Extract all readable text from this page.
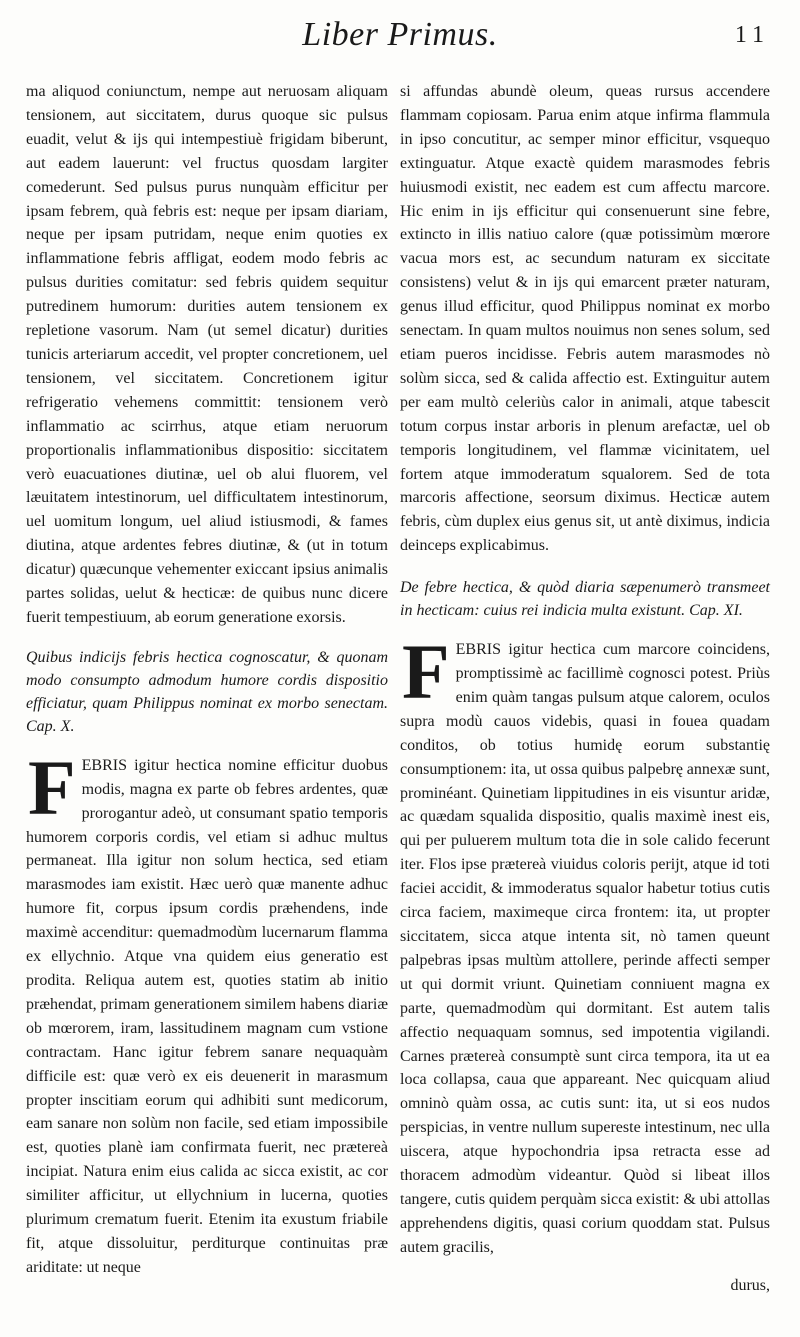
Liber Primus.	11

ma aliquod coniunctum, nempe aut neruosam aliquam tensionem, aut siccitatem, durus quoque sic pulsus euadit, velut & ijs qui intempestiuè frigidam biberunt, aut eadem lauerunt: vel fructus quosdam largiter comederunt. Sed pulsus purus nunquàm efficitur per ipsam febrem, quà febris est: neque per ipsam diariam, neque per ipsam putridam, neque enim quoties ex inflammatione febris affligat, eodem modo febris ac pulsus durities comitatur: sed febris quidem sequitur putredinem humorum: durities autem tensionem ex repletione vasorum. Nam (ut semel dicatur) durities tunicis arteriarum accedit, vel propter concretionem, uel tensionem, vel siccitatem. Concretionem igitur refrigeratio vehemens committit: tensionem verò inflammatio ac scirrhus, atque etiam neruorum proportionalis inflammationibus dispositio: siccitatem verò euacuationes diutinæ, uel ob alui fluorem, vel læuitatem intestinorum, uel difficultatem intestinorum, uel uomitum longum, uel aliud istiusmodi, & fames diutina, atque ardentes febres diutinæ, & (ut in totum dicatur) quæcunque vehementer exiccant ipsius animalis partes solidas, uelut & hecticæ: de quibus nunc dicere fuerit tempestiuum, ab eorum generatione exorsis.

Quibus indicijs febris hectica cognoscatur, & quonam modo consumpto admodum humore cordis dispositio efficiatur, quam Philippus nominat ex morbo senectam. Cap. X.

FEBRIS igitur hectica nomine efficitur duobus modis, magna ex parte ob febres ardentes, quæ prorogantur adeò, ut consumant spatio temporis humorem corporis cordis, vel etiam si adhuc multus permaneat. Illa igitur non solum hectica, sed etiam marasmodes iam existit. Hæc uerò quæ manente adhuc humore fit, corpus ipsum cordis præhendens, inde maximè accenditur: quemadmodùm lucernarum flamma ex ellychnio. Atque vna quidem eius generatio est prodita. Reliqua autem est, quoties statim ab initio præhendat, primam generationem similem habens diariæ ob mœrorem, iram, lassitudinem magnam cum vstione contractam. Hanc igitur febrem sanare nequaquàm difficile est: quæ verò ex eis deuenerit in marasmum propter inscitiam eorum qui adhibiti sunt medicorum, eam sanare non solùm non facile, sed etiam impossibile est, quoties planè iam confirmata fuerit, nec prætereà incipiat. Natura enim eius calida ac sicca existit, ac cor similiter afficitur, ut ellychnium in lucerna, quoties plurimum crematum fuerit. Etenim ita exustum friabile fit, atque dissoluitur, perditurque continuitas præ ariditate: ut neque

si affundas abundè oleum, queas rursus accendere flammam copiosam. Parua enim atque infirma flammula in ipso concutitur, ac semper minor efficitur, vsquequo extinguatur. Atque exactè quidem marasmodes febris huiusmodi existit, nec eadem est cum affectu marcore. Hic enim in ijs efficitur qui consenuerunt sine febre, extincto in illis natiuo calore (quæ potissimùm mœrore vacua mors est, ac secundum naturam ex siccitate consistens) velut & in ijs qui emarcent præter naturam, genus illud efficitur, quod Philippus nominat ex morbo senectam. In quam multos nouimus non senes solum, sed etiam pueros incidisse. Febris autem marasmodes nò solùm sicca, sed & calida affectio est. Extinguitur autem per eam multò celeriùs calor in animali, atque tabescit totum corpus instar arboris in plenum arefactæ, uel ob temporis longitudinem, vel flammæ vicinitatem, uel fortem atque immoderatum squalorem. Sed de tota marcoris affectione, seorsum diximus. Hecticæ autem febris, cùm duplex eius genus sit, ut antè diximus, indicia deinceps explicabimus.

De febre hectica, & quòd diaria sæpenumerò transmeet in hecticam: cuius rei indicia multa existunt. Cap. XI.

FEBRIS igitur hectica cum marcore coincidens, promptissimè ac facillimè cognosci potest. Priùs enim quàm tangas pulsum atque calorem, oculos supra modù cauos videbis, quasi in fouea quadam conditos, ob totius humidę eorum substantię consumptionem: ita, ut ossa quibus palpebrę annexæ sunt, prominéant. Quinetiam lippitudines in eis visuntur aridæ, ac quædam squalida dispositio, qualis maximè inest eis, qui per puluerem multum tota die in sole calido fecerunt iter. Flos ipse prætereà viuidus coloris perijt, atque id toti faciei accidit, & immoderatus squalor habetur totius cutis circa faciem, maximeque circa frontem: ita, ut propter siccitatem, sicca atque intenta sit, nò tamen queunt palpebras ipsas multùm attollere, perinde affecti semper ut qui dormit vriunt. Quinetiam conniuent magna ex parte, quemadmodùm qui dormitant. Est autem talis affectio nequaquam somnus, sed impotentia vigilandi. Carnes prætereà consumptè sunt circa tempora, ita ut ea loca collapsa, caua que appareant. Nec quicquam aliud omninò quàm ossa, ac cutis sunt: ita, ut si eos nudos perspicias, in ventre nullum supereste intestinum, nec ulla uiscera, atque hypochondria ipsa retracta esse ad thoracem admodùm videantur. Quòd si libeat illos tangere, cutis quidem perquàm sicca existit: & ubi attollas apprehendens digitis, quasi corium quoddam stat. Pulsus autem gracilis,

durus,
